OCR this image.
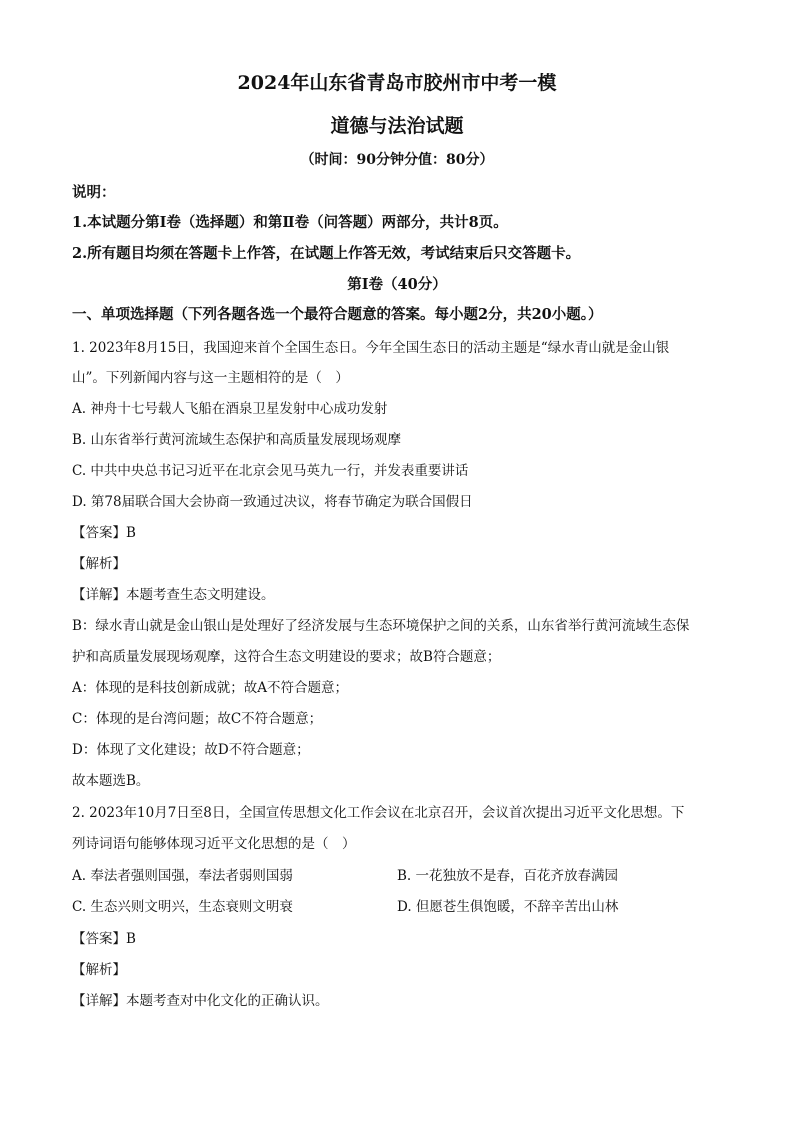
2024年山东省青岛市胶州市中考一模
道德与法治试题
（时间：90分钟分值：80分）
说明：
1.本试题分第Ⅰ卷（选择题）和第Ⅱ卷（问答题）两部分，共计8页。
2.所有题目均须在答题卡上作答，在试题上作答无效，考试结束后只交答题卡。
第Ⅰ卷（40分）
一、单项选择题（下列各题各选一个最符合题意的答案。每小题2分，共20小题。）
1. 2023年8月15日，我国迎来首个全国生态日。今年全国生态日的活动主题是“绿水青山就是金山银
山”。下列新闻内容与这一主题相符的是（　）
A. 神舟十七号载人飞船在酒泉卫星发射中心成功发射
B. 山东省举行黄河流域生态保护和高质量发展现场观摩
C. 中共中央总书记习近平在北京会见马英九一行，并发表重要讲话
D. 第78届联合国大会协商一致通过决议，将春节确定为联合国假日
【答案】B
【解析】
【详解】本题考查生态文明建设。
B：绿水青山就是金山银山是处理好了经济发展与生态环境保护之间的关系，山东省举行黄河流域生态保
护和高质量发展现场观摩，这符合生态文明建设的要求；故B符合题意；
A：体现的是科技创新成就；故A不符合题意；
C：体现的是台湾问题；故C不符合题意；
D：体现了文化建设；故D不符合题意；
故本题选B。
2. 2023年10月7日至8日，全国宣传思想文化工作会议在北京召开，会议首次提出习近平文化思想。下
列诗词语句能够体现习近平文化思想的是（　）
A. 奉法者强则国强，奉法者弱则国弱	B. 一花独放不是春，百花齐放春满园
C. 生态兴则文明兴，生态衰则文明衰	D. 但愿苍生俱饱暖，不辞辛苦出山林
【答案】B
【解析】
【详解】本题考查对中化文化的正确认识。
